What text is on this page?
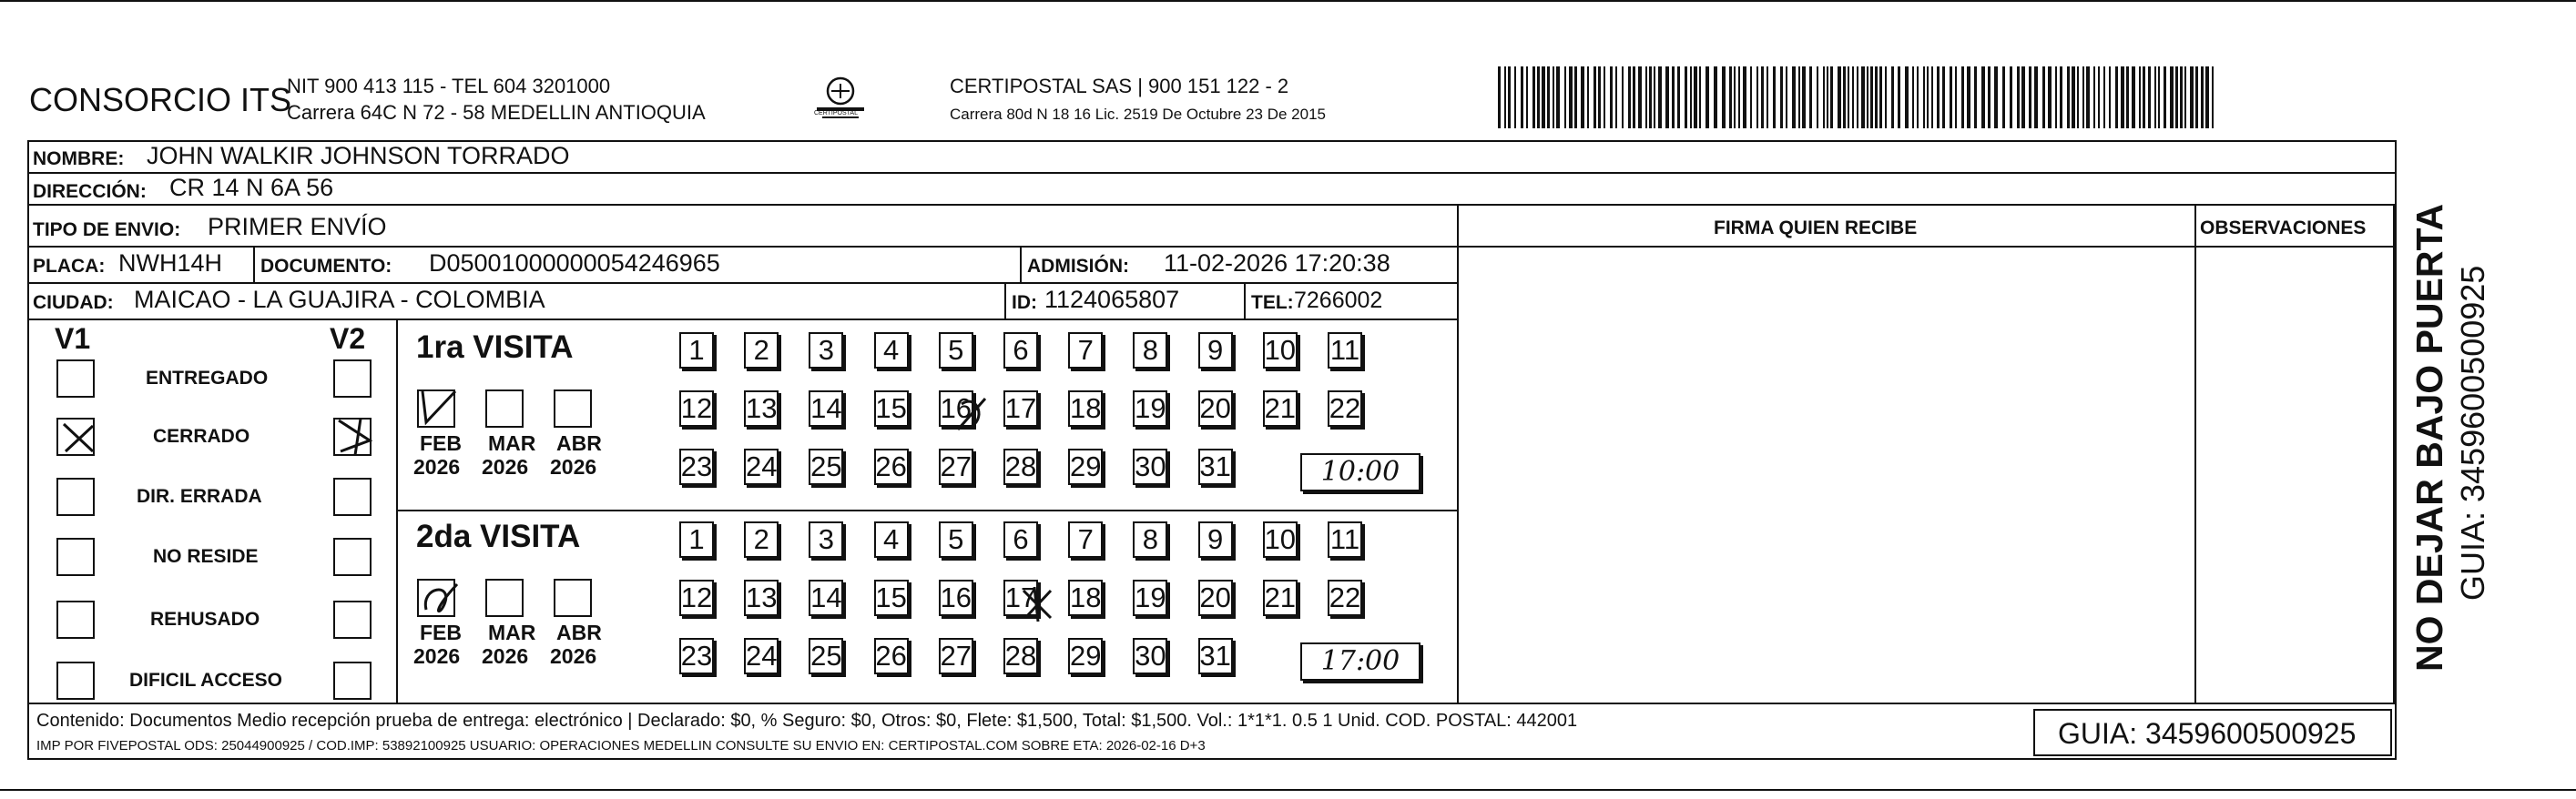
CONSORCIO ITS
NIT 900 413 115 - TEL 604 3201000
Carrera 64C N 72 - 58 MEDELLIN ANTIOQUIA	CERTIPOSTAL
CERTIPOSTAL SAS | 900 151 122 - 2
Carrera 80d N 18 16 Lic. 2519 De Octubre 23 De 2015
FIRMA QUIEN RECIBE	OBSERVACIONES
NOMBRE: JOHN WALKIR JOHNSON TORRADO
DIRECCIÓN: CR 14 N 6A 56
TIPO DE ENVIO: PRIMER ENVÍO
PLACA: NWH14H DOCUMENTO: D05001000000054246965	ADMISIÓN: 11-02-2026 17:20:38
CIUDAD: MAICAO - LA GUAJIRA - COLOMBIA	ID: 1124065807	TEL: 7266002
V1	V2
ENTREGADO
CERRADO
DIR. ERRADA
NO RESIDE
REHUSADO
DIFICIL ACCESO
1ra VISITA
FEB
2026
MAR
2026
ABR
2026
1	2	3	4	5	6	7	8	9	10 11
12 13 14 15 16 17 18 19 20 21 22
23 24 25 26 27 28 29 30 31	10:00
2da VISITA
FEB
2026
MAR
2026
ABR
2026
1	2	3	4	5	6	7	8	9	10 11
12 13 14 15 16 17 18 19 20 21 22
23 24 25 26 27 28 29 30 31	17:00
Contenido: Documentos Medio recepción prueba de entrega: electrónico | Declarado: $0, % Seguro: $0, Otros: $0, Flete: $1,500, Total: $1,500. Vol.: 1*1*1. 0.5 1 Unid. COD. POSTAL: 442001
IMP POR FIVEPOSTAL ODS: 25044900925 / COD.IMP: 53892100925 USUARIO: OPERACIONES MEDELLIN CONSULTE SU ENVIO EN: CERTIPOSTAL.COM SOBRE ETA: 2026-02-16 D+3	GUIA: 3459600500925
NO DEJAR BAJO PUERTA GUIA: 3459600500925
